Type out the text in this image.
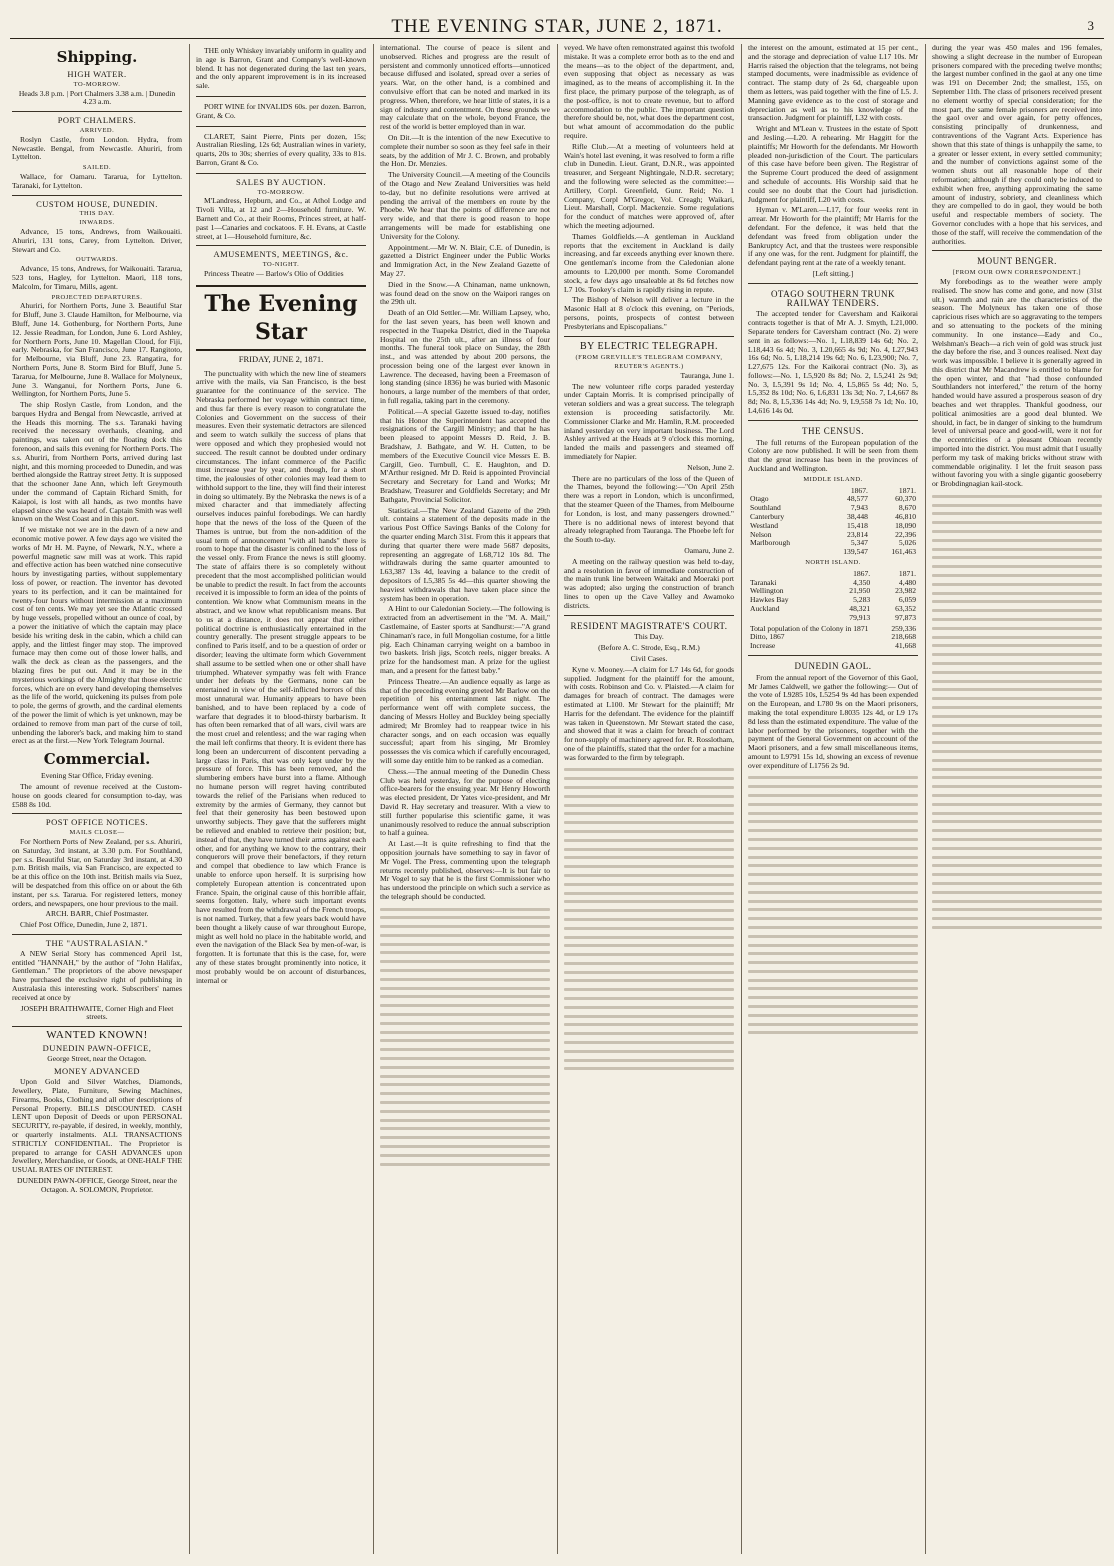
THE EVENING STAR, JUNE 2, 1871.	3
Shipping.
HIGH WATER.
TO-MORROW.

Heads 3.8 p.m. | Port Chalmers 3.38 a.m. | Dunedin 4.23 a.m.

PORT CHALMERS.
ARRIVED.

Roslyn Castle, from London. Hydra, from Newcastle. Bengal, from Newcastle. Ahuriri, from Lyttelton.

SAILED.

Wallace, for Oamaru. Tararua, for Lyttelton. Taranaki, for Lyttelton.

CUSTOM HOUSE, DUNEDIN.
THIS DAY.
INWARDS.

Advance, 15 tons, Andrews, from Waikouaiti. Ahuriri, 131 tons, Carey, from Lyttelton. Driver, Stewart and Co.

OUTWARDS.

Advance, 15 tons, Andrews, for Waikouaiti. Tararua, 523 tons, Hagley, for Lyttelton. Maori, 118 tons, Malcolm, for Timaru, Mills, agent.

PROJECTED DEPARTURES.

Ahuriri, for Northern Ports, June 3. Beautiful Star for Bluff, June 3. Claude Hamilton, for Melbourne, via Bluff, June 14. Gothenburg, for Northern Ports, June 12. Jessie Readman, for London, June 6. Lord Ashley, for Northern Ports, June 10. Magellan Cloud, for Fiji, early. Nebraska, for San Francisco, June 17. Rangitoto, for Melbourne, via Bluff, June 23. Rangatira, for Northern Ports, June 8. Storm Bird for Bluff, June 5. Tararua, for Melbourne, June 8. Wallace for Molyneux, June 3. Wanganui, for Northern Ports, June 6. Wellington, for Northern Ports, June 5.

The ship Roslyn Castle, from London, and the barques Hydra and Bengal from Newcastle, arrived at the Heads this morning. The s.s. Taranaki having received the necessary overhauls, cleaning, and paintings, was taken out of the floating dock this forenoon, and sails this evening for Northern Ports. The s.s. Ahuriri, from Northern Ports, arrived during last night, and this morning proceeded to Dunedin, and was berthed alongside the Rattray street Jetty. It is supposed that the schooner Jane Ann, which left Greymouth under the command of Captain Richard Smith, for Kaiapoi, is lost with all hands, as two months have elapsed since she was heard of. Captain Smith was well known on the West Coast and in this port.

If we mistake not we are in the dawn of a new and economic motive power. A few days ago we visited the works of Mr H. M. Payne, of Newark, N.Y., where a powerful magnetic saw mill was at work. This rapid and effective action has been watched nine consecutive hours by investigating parties, without supplementary loss of power, or reaction. The inventor has devoted years to its perfection, and it can be maintained for twenty-four hours without intermission at a maximum cost of ten cents. We may yet see the Atlantic crossed by huge vessels, propelled without an ounce of coal, by a power the initiative of which the captain may place beside his writing desk in the cabin, which a child can apply, and the littlest finger may stop. The improved furnace may then come out of those lower halls, and walk the deck as clean as the passengers, and the blazing fires be put out. And it may be in the mysterious workings of the Almighty that those electric forces, which are on every hand developing themselves as the life of the world, quickening its pulses from pole to pole, the germs of growth, and the cardinal elements of the power the limit of which is yet unknown, may be ordained to remove from man part of the curse of toil, unbending the laborer's back, and making him to stand erect as at the first.—New York Telegram Journal.

Commercial.

Evening Star Office, Friday evening.

The amount of revenue received at the Custom-house on goods cleared for consumption to-day, was £588 8s 10d.

POST OFFICE NOTICES.
MAILS CLOSE—

For Northern Ports of New Zealand, per s.s. Ahuriri, on Saturday, 3rd instant, at 3.30 p.m. For Southland, per s.s. Beautiful Star, on Saturday 3rd instant, at 4.30 p.m. British mails, via San Francisco, are expected to be at this office on the 10th inst. British mails via Suez, will be despatched from this office on or about the 6th instant, per s.s. Tararua. For registered letters, money orders, and newspapers, one hour previous to the mail.

ARCH. BARR, Chief Postmaster.

Chief Post Office, Dunedin, June 2, 1871.

THE "AUSTRALASIAN."

A NEW Serial Story has commenced April 1st, entitled "HANNAH," by the author of "John Halifax, Gentleman." The proprietors of the above newspaper have purchased the exclusive right of publishing in Australasia this interesting work. Subscribers' names received at once by

JOSEPH BRAITHWAITE, Corner High and Fleet streets.

WANTED KNOWN!
DUNEDIN PAWN-OFFICE,

George Street, near the Octagon.

MONEY ADVANCED

Upon Gold and Silver Watches, Diamonds, Jewellery, Plate, Furniture, Sewing Machines, Firearms, Books, Clothing and all other descriptions of Personal Property. BILLS DISCOUNTED. CASH LENT upon Deposit of Deeds or upon PERSONAL SECURITY, re-payable, if desired, in weekly, monthly, or quarterly instalments. ALL TRANSACTIONS STRICTLY CONFIDENTIAL. The Proprietor is prepared to arrange for CASH ADVANCES upon Jewellery, Merchandise, or Goods, at ONE-HALF THE USUAL RATES OF INTEREST.

DUNEDIN PAWN-OFFICE, George Street, near the Octagon. A. SOLOMON, Proprietor.

THE only Whiskey invariably uniform in quality and in age is Barron, Grant and Company's well-known blend. It has not degenerated during the last ten years, and the only apparent improvement is in its increased sale.

PORT WINE for INVALIDS 60s. per dozen. Barron, Grant, & Co.

CLARET, Saint Pierre, Pints per dozen, 15s; Australian Riesling, 12s 6d; Australian wines in variety, quarts, 20s to 30s; sherries of every quality, 33s to 81s. Barron, Grant & Co.

SALES BY AUCTION.
TO-MORROW.

M'Landress, Hepburn, and Co., at Athol Lodge and Tivoli Villa, at 12 and 2—Household furniture. W. Barnett and Co., at their Rooms, Princes street, at half-past 1—Canaries and cockatoos. F. H. Evans, at Castle street, at 1—Household furniture, &c.

AMUSEMENTS, MEETINGS, &c.
TO-NIGHT.

Princess Theatre — Barlow's Olio of Oddities

The Evening Star
FRIDAY, JUNE 2, 1871.

The punctuality with which the new line of steamers arrive with the mails, via San Francisco, is the best guarantee for the continuance of the service. The Nebraska performed her voyage within contract time, and thus far there is every reason to congratulate the Colonies and Government on the success of their measures. Even their systematic detractors are silenced and seem to watch sulkily the success of plans that were opposed and which they prophesied would not succeed. The result cannot be doubted under ordinary circumstances. The infant commerce of the Pacific must increase year by year, and though, for a short time, the jealousies of other colonies may lead them to withhold support to the line, they will find their interest in doing so ultimately. By the Nebraska the news is of a mixed character and that immediately affecting ourselves induces painful forebodings. We can hardly hope that the news of the loss of the Queen of the Thames is untrue, but from the non-addition of the usual term of announcement "with all hands" there is room to hope that the disaster is confined to the loss of the vessel only. From France the news is still gloomy. The state of affairs there is so completely without precedent that the most accomplished politician would be unable to predict the result. In fact from the accounts received it is impossible to form an idea of the points of contention. We know what Communism means in the abstract, and we know what republicanism means. But to us at a distance, it does not appear that either political doctrine is enthusiastically entertained in the country generally. The present struggle appears to be confined to Paris itself, and to be a question of order or disorder; leaving the ultimate form which Government shall assume to be settled when one or other shall have triumphed. Whatever sympathy was felt with France under her defeats by the Germans, none can be entertained in view of the self-inflicted horrors of this most unnatural war. Humanity appears to have been banished, and to have been replaced by a code of warfare that degrades it to blood-thirsty barbarism. It has often been remarked that of all wars, civil wars are the most cruel and relentless; and the war raging when the mail left confirms that theory. It is evident there has long been an undercurrent of discontent pervading a large class in Paris, that was only kept under by the pressure of force. This has been removed, and the slumbering embers have burst into a flame. Although no humane person will regret having contributed towards the relief of the Parisians when reduced to extremity by the armies of Germany, they cannot but feel that their generosity has been bestowed upon unworthy subjects. They gave that the sufferers might be relieved and enabled to retrieve their position; but, instead of that, they have turned their arms against each other, and for anything we know to the contrary, their conquerors will prove their benefactors, if they return and compel that obedience to law which France is unable to enforce upon herself. It is surprising how completely European attention is concentrated upon France. Spain, the original cause of this horrible affair, seems forgotten. Italy, where such important events have resulted from the withdrawal of the French troops, is not named. Turkey, that a few years back would have been thought a likely cause of war throughout Europe, might as well hold no place in the habitable world, and even the navigation of the Black Sea by men-of-war, is forgotten. It is fortunate that this is the case, for, were any of these states brought prominently into notice, it most probably would be on account of disturbances, internal or

international. The course of peace is silent and unobserved. Riches and progress are the result of persistent and commonly unnoticed efforts—unnoticed because diffused and isolated, spread over a series of years. War, on the other hand, is a combined and convulsive effort that can be noted and marked in its progress. When, therefore, we hear little of states, it is a sign of industry and contentment. On these grounds we may calculate that on the whole, beyond France, the rest of the world is better employed than in war.

On Dit.—It is the intention of the new Executive to complete their number so soon as they feel safe in their seats, by the addition of Mr J. C. Brown, and probably the Hon. Dr. Menzies.

The University Council.—A meeting of the Councils of the Otago and New Zealand Universities was held to-day, but no definite resolutions were arrived at pending the arrival of the members en route by the Phoebe. We hear that the points of difference are not very wide, and that there is good reason to hope arrangements will be made for establishing one University for the Colony.

Appointment.—Mr W. N. Blair, C.E. of Dunedin, is gazetted a District Engineer under the Public Works and Immigration Act, in the New Zealand Gazette of May 27.

Died in the Snow.—A Chinaman, name unknown, was found dead on the snow on the Waipori ranges on the 29th ult.

Death of an Old Settler.—Mr. William Lapsey, who, for the last seven years, has been well known and respected in the Tuapeka District, died in the Tuapeka Hospital on the 25th ult., after an illness of four months. The funeral took place on Sunday, the 28th inst., and was attended by about 200 persons, the procession being one of the largest ever known in Lawrence. The deceased, having been a Freemason of long standing (since 1836) he was buried with Masonic honours, a large number of the members of that order, in full regalia, taking part in the ceremony.

Political.—A special Gazette issued to-day, notifies that his Honor the Superintendent has accepted the resignations of the Cargill Ministry; and that he has been pleased to appoint Messrs D. Reid, J. B. Bradshaw, J. Bathgate, and W. H. Cutten, to be members of the Executive Council vice Messrs E. B. Cargill, Geo. Turnbull, C. E. Haughton, and D. M'Arthur resigned. Mr D. Reid is appointed Provincial Secretary and Secretary for Land and Works; Mr Bradshaw, Treasurer and Goldfields Secretary; and Mr Bathgate, Provincial Solicitor.

Statistical.—The New Zealand Gazette of the 29th ult. contains a statement of the deposits made in the various Post Office Savings Banks of the Colony for the quarter ending March 31st. From this it appears that during that quarter there were made 5687 deposits, representing an aggregate of L68,712 10s 8d. The withdrawals during the same quarter amounted to L63,387 13s 4d, leaving a balance to the credit of depositors of L5,385 5s 4d—this quarter showing the heaviest withdrawals that have taken place since the system has been in operation.

A Hint to our Caledonian Society.—The following is extracted from an advertisement in the "M. A. Mail," Castlemaine, of Easter sports at Sandhurst:—"A grand Chinaman's race, in full Mongolian costume, for a little pig. Each Chinaman carrying weight on a bamboo in two baskets. Irish jigs, Scotch reels, nigger breaks. A prize for the handsomest man. A prize for the ugliest man, and a present for the fattest baby."

Princess Theatre.—An audience equally as large as that of the preceding evening greeted Mr Barlow on the repetition of his entertainment last night. The performance went off with complete success, the dancing of Messrs Holley and Buckley being specially admired; Mr Bromley had to reappear twice in his character songs, and on each occasion was equally successful; apart from his singing, Mr Bromley possesses the vis comica which if carefully encouraged, will some day entitle him to be ranked as a comedian.

Chess.—The annual meeting of the Dunedin Chess Club was held yesterday, for the purpose of electing office-bearers for the ensuing year. Mr Henry Howorth was elected president, Dr Yates vice-president, and Mr David R. Hay secretary and treasurer. With a view to still further popularise this scientific game, it was unanimously resolved to reduce the annual subscription to half a guinea.

At Last.—It is quite refreshing to find that the opposition journals have something to say in favor of Mr Vogel. The Press, commenting upon the telegraph returns recently published, observes:—It is but fair to Mr Vogel to say that he is the first Commissioner who has understood the principle on which such a service as the telegraph should be conducted.

veyed. We have often remonstrated against this twofold mistake. It was a complete error both as to the end and the means—as to the object of the department, and, even supposing that object as necessary as was imagined, as to the means of accomplishing it. In the first place, the primary purpose of the telegraph, as of the post-office, is not to create revenue, but to afford accommodation to the public. The important question therefore should be, not, what does the department cost, but what amount of accommodation do the public require.

Rifle Club.—At a meeting of volunteers held at Wain's hotel last evening, it was resolved to form a rifle club in Dunedin. Lieut. Grant, D.N.R., was appointed treasurer, and Sergeant Nightingale, N.D.R. secretary; and the following were selected as the committee:—Artillery, Corpl. Greenfield, Gunr. Reid; No. 1 Company, Corpl M'Gregor, Vol. Creagh; Waikari, Lieut. Marshall, Corpl. Mackenzie. Some regulations for the conduct of matches were approved of, after which the meeting adjourned.

Thames Goldfields.—A gentleman in Auckland reports that the excitement in Auckland is daily increasing, and far exceeds anything ever known there. One gentleman's income from the Caledonian alone amounts to L20,000 per month. Some Coromandel stock, a few days ago unsaleable at 8s 6d fetches now L7 10s. Tookey's claim is rapidly rising in repute.

The Bishop of Nelson will deliver a lecture in the Masonic Hall at 8 o'clock this evening, on "Periods, persons, points, prospects of contest between Presbyterians and Episcopalians."

BY ELECTRIC TELEGRAPH.
(FROM GREVILLE'S TELEGRAM COMPANY, REUTER'S AGENTS.)

Tauranga, June 1.

The new volunteer rifle corps paraded yesterday under Captain Morris. It is comprised principally of veteran soldiers and was a great success. The telegraph extension is proceeding satisfactorily. Mr. Commissioner Clarke and Mr. Hamlin, R.M. proceeded inland yesterday on very important business. The Lord Ashley arrived at the Heads at 9 o'clock this morning, landed the mails and passengers and steamed off immediately for Napier.

Nelson, June 2.

There are no particulars of the loss of the Queen of the Thames, beyond the following:—"On April 25th there was a report in London, which is unconfirmed, that the steamer Queen of the Thames, from Melbourne for London, is lost, and many passengers drowned." There is no additional news of interest beyond that already telegraphed from Tauranga. The Phoebe left for the South to-day.

Oamaru, June 2.

A meeting on the railway question was held to-day, and a resolution in favor of immediate construction of the main trunk line between Waitaki and Moeraki port was adopted; also urging the construction of branch lines to open up the Cave Valley and Awamoko districts.

RESIDENT MAGISTRATE'S COURT.

This Day.

(Before A. C. Strode, Esq., R.M.)

Civil Cases.

Kyne v. Mooney.—A claim for L7 14s 6d, for goods supplied. Judgment for the plaintiff for the amount, with costs. Robinson and Co. v. Plaisted.—A claim for damages for breach of contract. The damages were estimated at L100. Mr Stewart for the plaintiff; Mr Harris for the defendant. The evidence for the plaintiff was taken in Queenstown. Mr Stewart stated the case, and showed that it was a claim for breach of contract for non-supply of machinery agreed for. R. Rosslotham, one of the plaintiffs, stated that the order for a machine was forwarded to the firm by telegraph.

the interest on the amount, estimated at 15 per cent., and the storage and depreciation of value L17 10s. Mr Harris raised the objection that the telegrams, not being stamped documents, were inadmissible as evidence of contract. The stamp duty of 2s 6d, chargeable upon them as letters, was paid together with the fine of L5. J. Manning gave evidence as to the cost of storage and depreciation as well as to his knowledge of the transaction. Judgment for plaintiff, L32 with costs.

Wright and M'Lean v. Trustees in the estate of Spott and Jesling.—L20. A rehearing. Mr Haggitt for the plaintiffs; Mr Howorth for the defendants. Mr Howorth pleaded non-jurisdiction of the Court. The particulars of this case have before been given. The Registrar of the Supreme Court produced the deed of assignment and schedule of accounts. His Worship said that he could see no doubt that the Court had jurisdiction. Judgment for plaintiff, L20 with costs.

Hyman v. M'Laren.—L17, for four weeks rent in arrear. Mr Howorth for the plaintiff; Mr Harris for the defendant. For the defence, it was held that the defendant was freed from obligation under the Bankruptcy Act, and that the trustees were responsible if any one was, for the rent. Judgment for plaintiff, the defendant paying rent at the rate of a weekly tenant.

[Left sitting.]

OTAGO SOUTHERN TRUNK RAILWAY TENDERS.

The accepted tender for Caversham and Kaikorai contracts together is that of Mr A. J. Smyth, L21,000. Separate tenders for Caversham contract (No. 2) were sent in as follows:—No. 1, L18,839 14s 6d; No. 2, L18,443 6s 4d; No. 3, L20,665 4s 9d; No. 4, L27,943 16s 6d; No. 5, L18,214 19s 6d; No. 6, L23,900; No. 7, L27,675 12s. For the Kaikorai contract (No. 3), as follows:—No. 1, L5,920 8s 8d; No. 2, L5,241 2s 9d; No. 3, L5,391 9s 1d; No. 4, L5,865 5s 4d; No. 5, L5,352 8s 10d; No. 6, L6,831 13s 3d; No. 7, L4,667 8s 8d; No. 8, L5,336 14s 4d; No. 9, L9,558 7s 1d; No. 10, L4,616 14s 0d.

THE CENSUS.

The full returns of the European population of the Colony are now published. It will be seen from them that the great increase has been in the provinces of Auckland and Wellington.

MIDDLE ISLAND.
	1867.	1871.
Otago	48,577	60,370
Southland	7,943	8,670
Canterbury	38,448	46,810
Westland	15,418	18,090
Nelson	23,814	22,396
Marlborough	5,347	5,026
	139,547	161,463
NORTH ISLAND.
	1867.	1871.
Taranaki	4,350	4,480
Wellington	21,950	23,982
Hawkes Bay	5,283	6,059
Auckland	48,321	63,352
	79,913	97,873
Total population of the Colony in 1871	259,336
Ditto, 1867	218,668
Increase	41,668
DUNEDIN GAOL.

From the annual report of the Governor of this Gaol, Mr James Caldwell, we gather the following:— Out of the vote of L9285 10s, L5254 9s 4d has been expended on the European, and L780 9s on the Maori prisoners, making the total expenditure L8035 12s 4d, or L9 17s 8d less than the estimated expenditure. The value of the labor performed by the prisoners, together with the payment of the General Government on account of the Maori prisoners, and a few small miscellaneous items, amount to L9791 15s 1d, showing an excess of revenue over expenditure of L1756 2s 9d.

during the year was 450 males and 196 females, showing a slight decrease in the number of European prisoners compared with the preceding twelve months; the largest number confined in the gaol at any one time was 191 on December 2nd; the smallest, 155, on September 11th. The class of prisoners received present no element worthy of special consideration; for the most part, the same female prisoners are received into the gaol over and over again, for petty offences, consisting principally of drunkenness, and contraventions of the Vagrant Acts. Experience has shown that this state of things is unhappily the same, to a greater or lesser extent, in every settled community; and the number of convictions against some of the women shuts out all reasonable hope of their reformation; although if they could only be induced to exhibit when free, anything approximating the same amount of industry, sobriety, and cleanliness which they are compelled to do in gaol, they would be both useful and respectable members of society. The Governor concludes with a hope that his services, and those of the staff, will receive the commendation of the authorities.

MOUNT BENGER.
[FROM OUR OWN CORRESPONDENT.]

My forebodings as to the weather were amply realised. The snow has come and gone, and now (31st ult.) warmth and rain are the characteristics of the season. The Molyneux has taken one of those capricious rises which are so aggravating to the tempers and so attenuating to the pockets of the mining community. In one instance—Eady and Co., Welshman's Beach—a rich vein of gold was struck just the day before the rise, and 3 ounces realised. Next day work was impossible. I believe it is generally agreed in this district that Mr Macandrew is entitled to blame for the open winter, and that "had those confounded Southlanders not interfered," the return of the horny handed would have assured a prosperous season of dry beaches and wet thrapples. Thankful goodness, our political animosities are a good deal blunted. We should, in fact, be in danger of sinking to the humdrum level of universal peace and good-will, were it not for the eccentricities of a pleasant Ohioan recently imported into the district. You must admit that I usually perform my task of making bricks without straw with commendable originality. I let the fruit season pass without favoring you with a single gigantic gooseberry or Brobdingnagian kail-stock.
